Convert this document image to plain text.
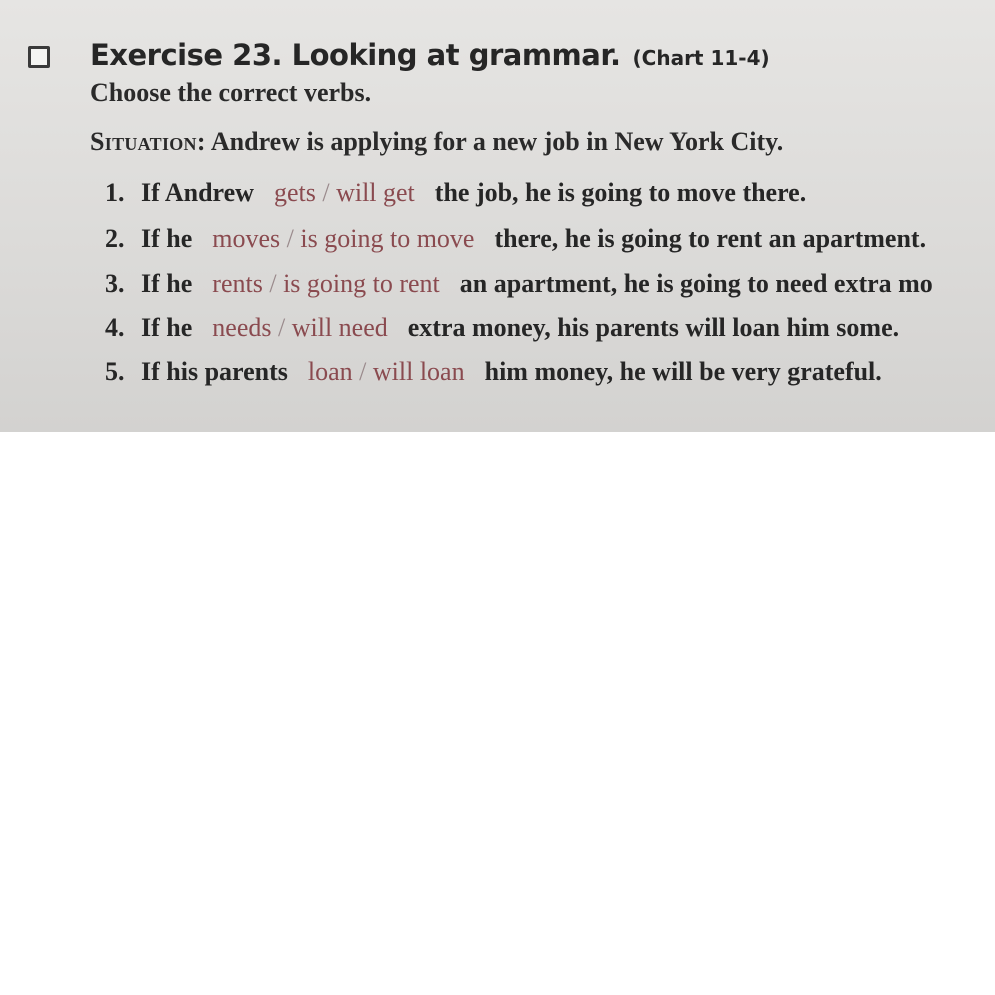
Exercise 23. Looking at grammar. (Chart 11-4)
Choose the correct verbs.
Situation: Andrew is applying for a new job in New York City.
1. If Andrew gets / will get the job, he is going to move there.
2. If he moves / is going to move there, he is going to rent an apartment.
3. If he rents / is going to rent an apartment, he is going to need extra mo
4. If he needs / will need extra money, his parents will loan him some.
5. If his parents loan / will loan him money, he will be very grateful.
